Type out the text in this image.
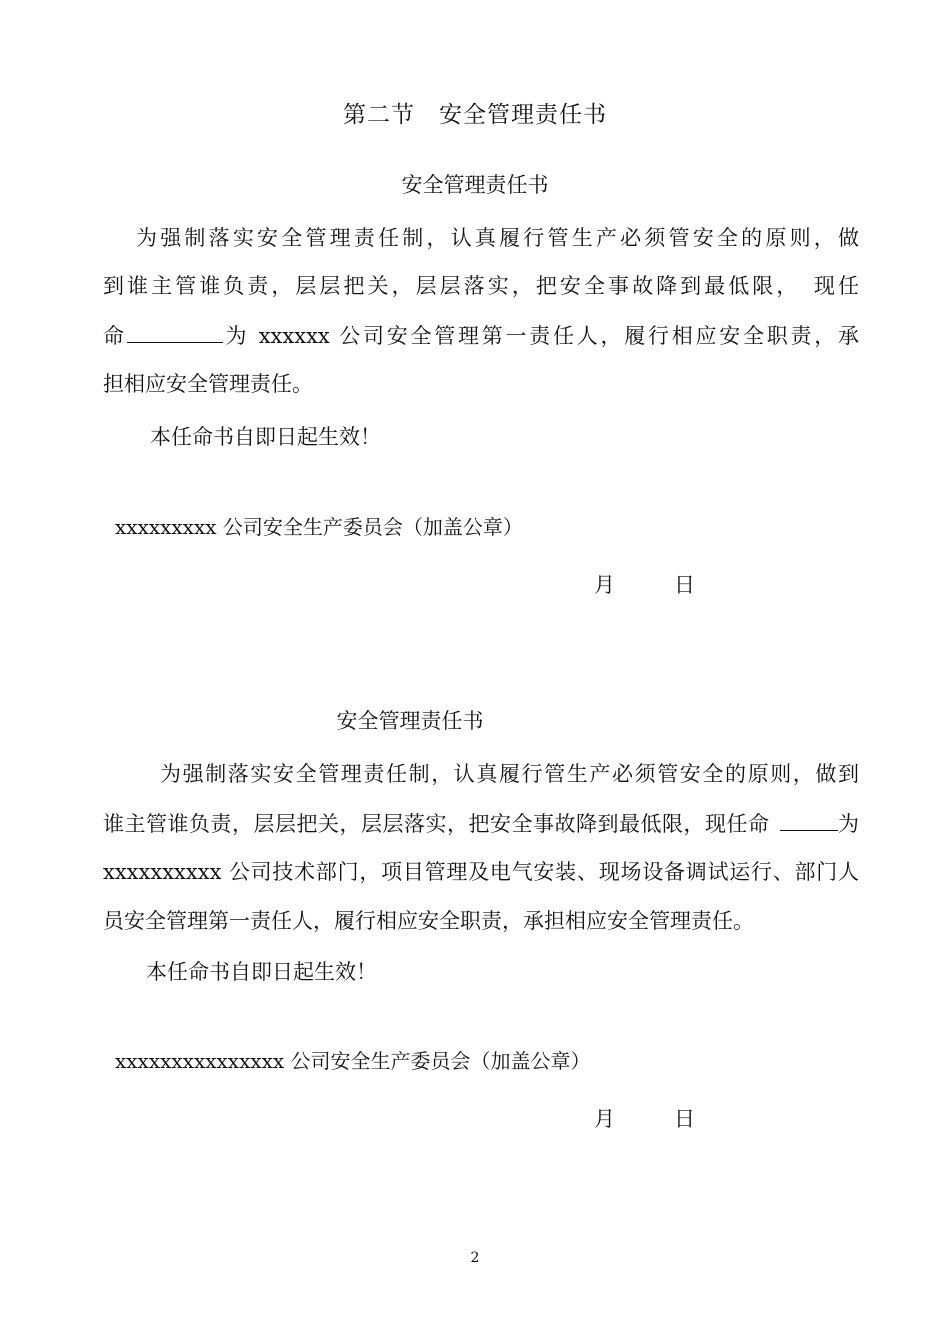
第二节　安全管理责任书
安全管理责任书
为强制落实安全管理责任制，认真履行管生产必须管安全的原则，做
到谁主管谁负责，层层把关，层层落实，把安全事故降到最低限，　现任
命	为 xxxxxx 公司安全管理第一责任人，履行相应安全职责，承
担相应安全管理责任。
本任命书自即日起生效！
xxxxxxxxx 公司安全生产委员会（加盖公章）
月	日
安全管理责任书
为强制落实安全管理责任制，认真履行管生产必须管安全的原则，做到
谁主管谁负责，层层把关，层层落实，把安全事故降到最低限，现任命	为
xxxxxxxxxx 公司技术部门，项目管理及电气安装、现场设备调试运行、部门人
员安全管理第一责任人，履行相应安全职责，承担相应安全管理责任。
本任命书自即日起生效！
xxxxxxxxxxxxxxx 公司安全生产委员会（加盖公章）
月	日
2
